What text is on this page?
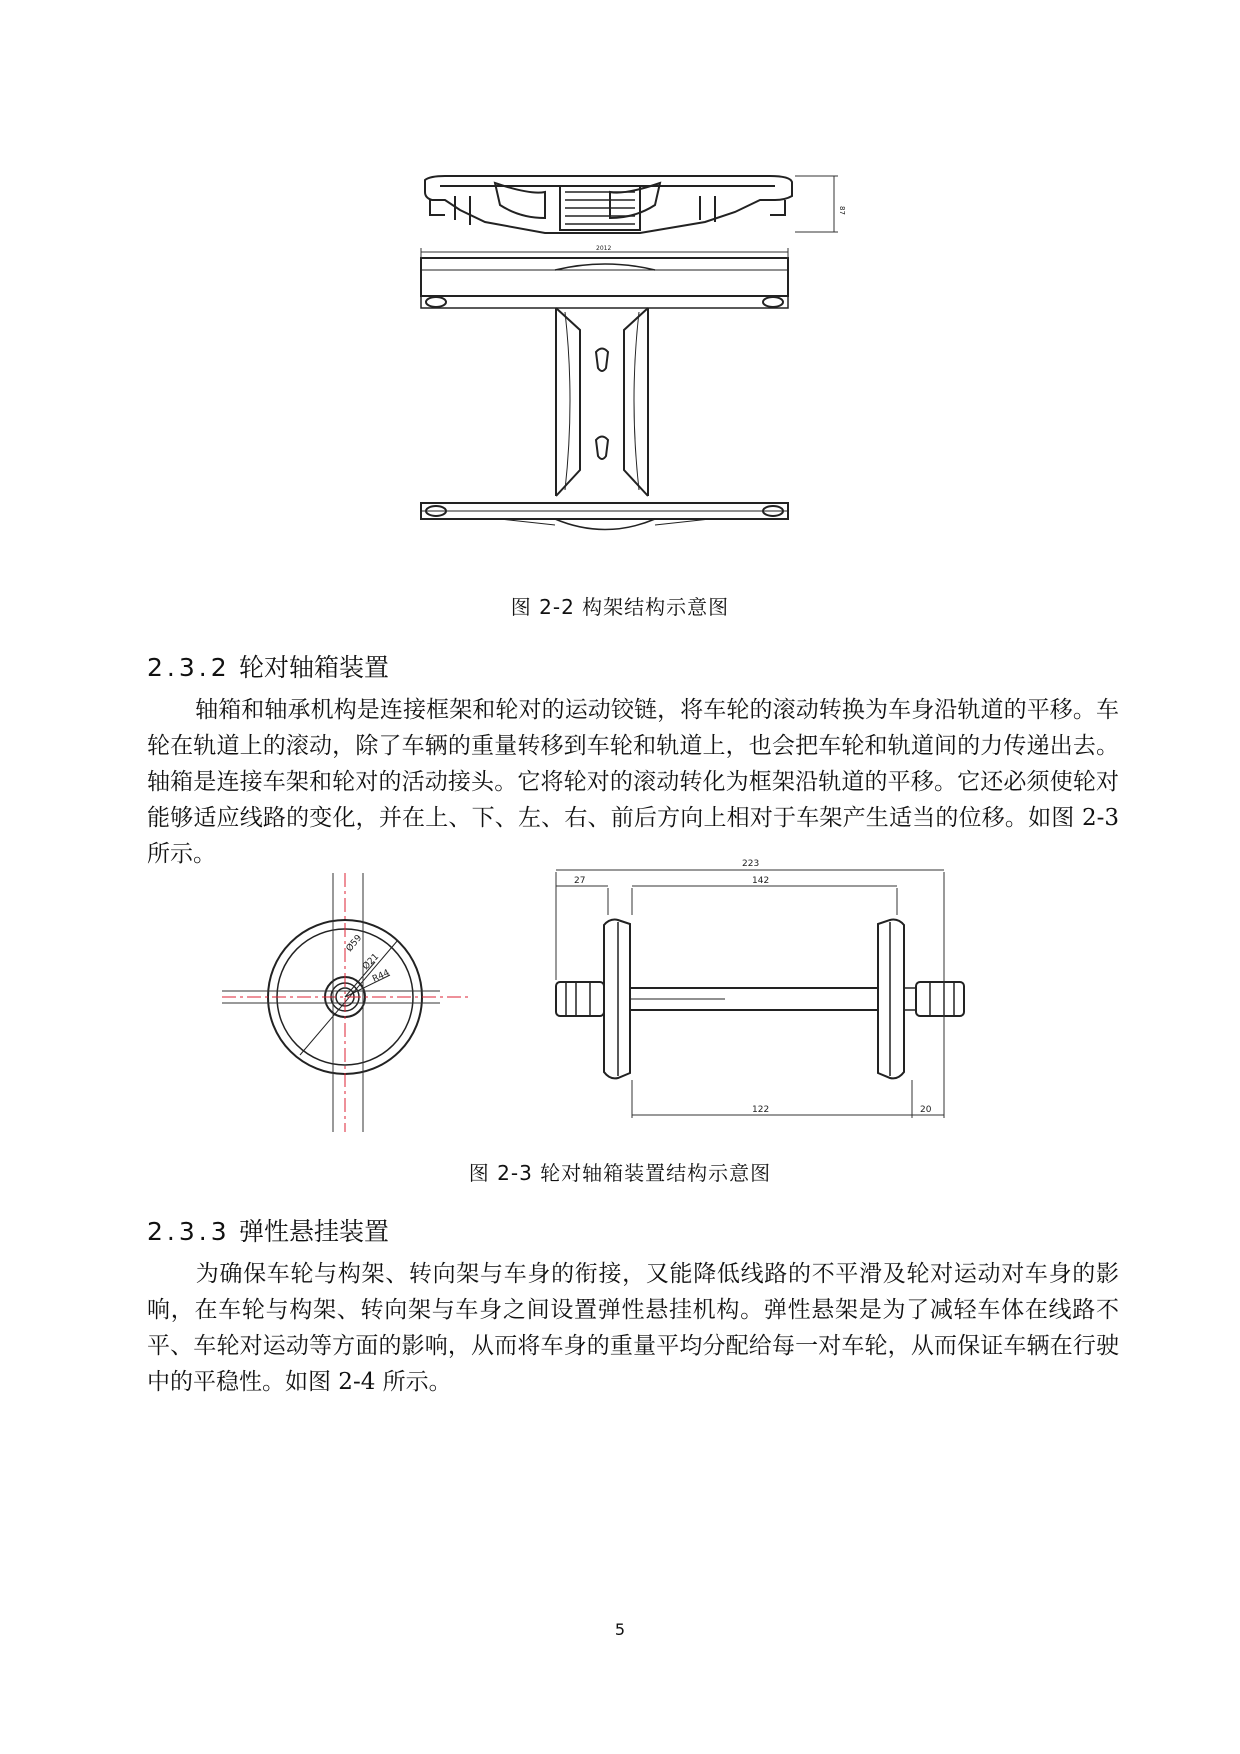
87
2012
图 2-2 构架结构示意图
2.3.2 轮对轴箱装置

轴箱和轴承机构是连接框架和轮对的运动铰链，将车轮的滚动转换为车身沿轨道的平移。车轮在轨道上的滚动，除了车辆的重量转移到车轮和轨道上，也会把车轮和轨道间的力传递出去。轴箱是连接车架和轮对的活动接头。它将轮对的滚动转化为框架沿轨道的平移。它还必须使轮对能够适应线路的变化，并在上、下、左、右、前后方向上相对于车架产生适当的位移。如图 2-3 所示。

Ø59
Ø21
R44
223
27	142
122	20
图 2-3 轮对轴箱装置结构示意图
2.3.3 弹性悬挂装置

为确保车轮与构架、转向架与车身的衔接，又能降低线路的不平滑及轮对运动对车身的影响，在车轮与构架、转向架与车身之间设置弹性悬挂机构。弹性悬架是为了减轻车体在线路不平、车轮对运动等方面的影响，从而将车身的重量平均分配给每一对车轮，从而保证车辆在行驶中的平稳性。如图 2-4 所示。

5
